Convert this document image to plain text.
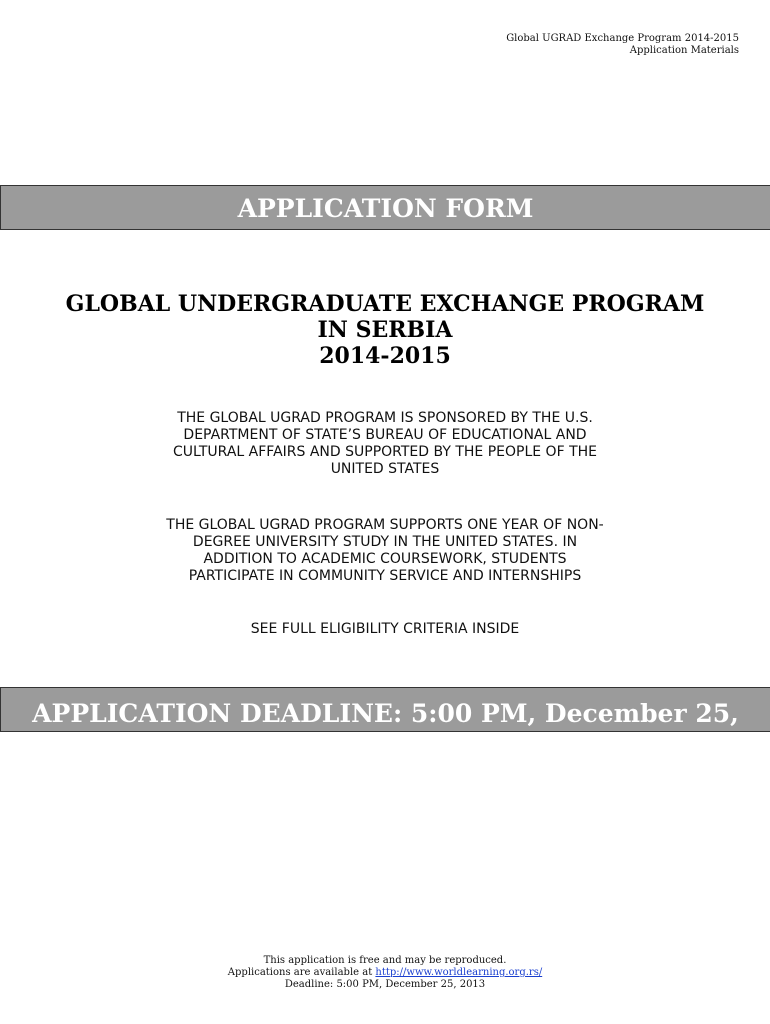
Global UGRAD Exchange Program 2014-2015
Application Materials
APPLICATION FORM
GLOBAL UNDERGRADUATE EXCHANGE PROGRAM
IN SERBIA
2014-2015
THE GLOBAL UGRAD PROGRAM IS SPONSORED BY THE U.S.
DEPARTMENT OF STATE’S BUREAU OF EDUCATIONAL AND
CULTURAL AFFAIRS AND SUPPORTED BY THE PEOPLE OF THE
UNITED STATES
THE GLOBAL UGRAD PROGRAM SUPPORTS ONE YEAR OF NON-
DEGREE UNIVERSITY STUDY IN THE UNITED STATES. IN
ADDITION TO ACADEMIC COURSEWORK, STUDENTS
PARTICIPATE IN COMMUNITY SERVICE AND INTERNSHIPS
SEE FULL ELIGIBILITY CRITERIA INSIDE
APPLICATION DEADLINE: 5:00 PM, December 25, 2013
This application is free and may be reproduced.
Applications are available at http://www.worldlearning.org.rs/
Deadline: 5:00 PM, December 25, 2013
